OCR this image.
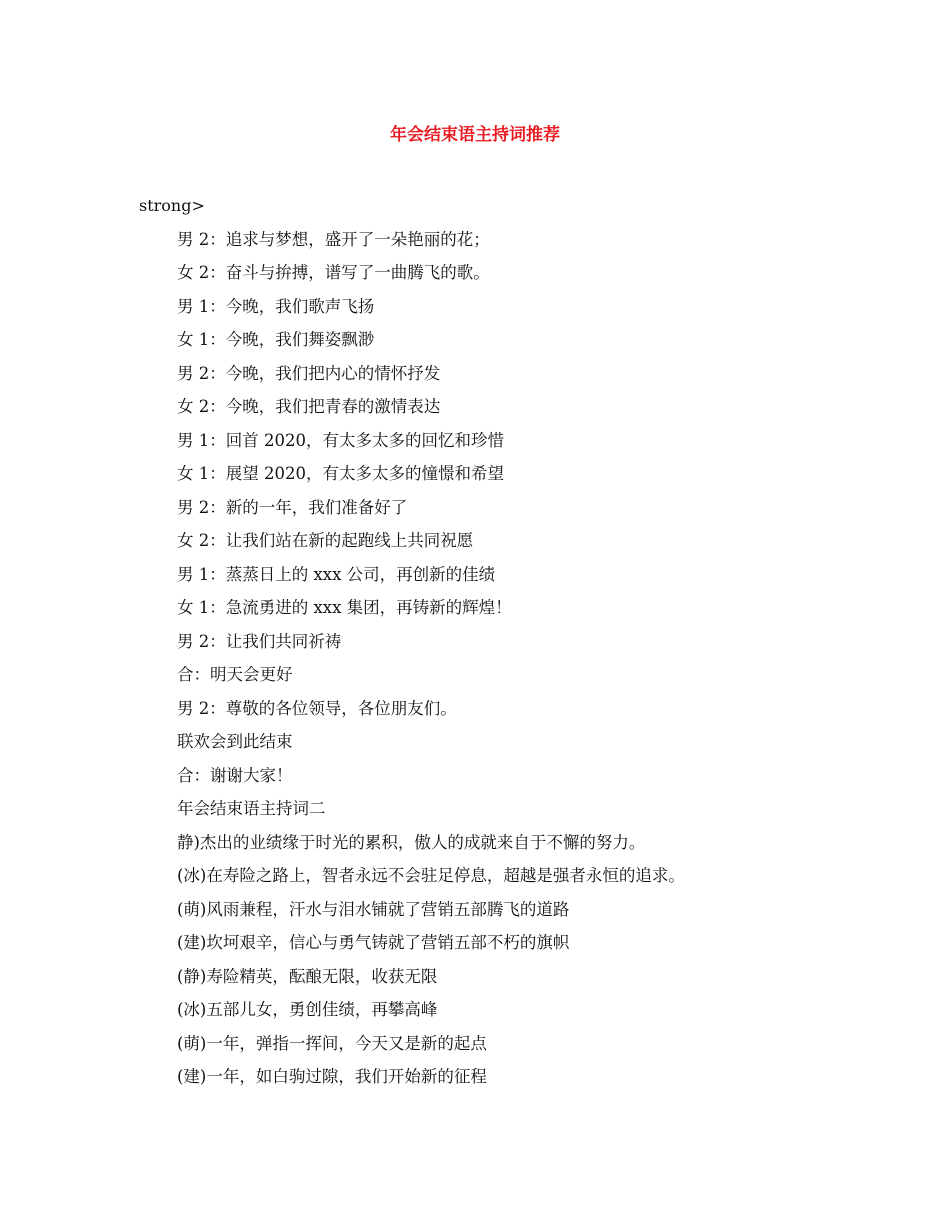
年会结束语主持词推荐
strong>
男 2：追求与梦想，盛开了一朵艳丽的花；
女 2：奋斗与拚搏，谱写了一曲腾飞的歌。
男 1：今晚，我们歌声飞扬
女 1：今晚，我们舞姿飘渺
男 2：今晚，我们把内心的情怀抒发
女 2：今晚，我们把青春的激情表达
男 1：回首 2020，有太多太多的回忆和珍惜
女 1：展望 2020，有太多太多的憧憬和希望
男 2：新的一年，我们准备好了
女 2：让我们站在新的起跑线上共同祝愿
男 1：蒸蒸日上的 xxx 公司，再创新的佳绩
女 1：急流勇进的 xxx 集团，再铸新的辉煌！
男 2：让我们共同祈祷
合：明天会更好
男 2：尊敬的各位领导，各位朋友们。
联欢会到此结束
合：谢谢大家！
年会结束语主持词二
静)杰出的业绩缘于时光的累积，傲人的成就来自于不懈的努力。
(冰)在寿险之路上，智者永远不会驻足停息，超越是强者永恒的追求。
(萌)风雨兼程，汗水与泪水铺就了营销五部腾飞的道路
(建)坎坷艰辛，信心与勇气铸就了营销五部不朽的旗帜
(静)寿险精英，酝酿无限，收获无限
(冰)五部儿女，勇创佳绩，再攀高峰
(萌)一年，弹指一挥间，今天又是新的起点
(建)一年，如白驹过隙，我们开始新的征程
